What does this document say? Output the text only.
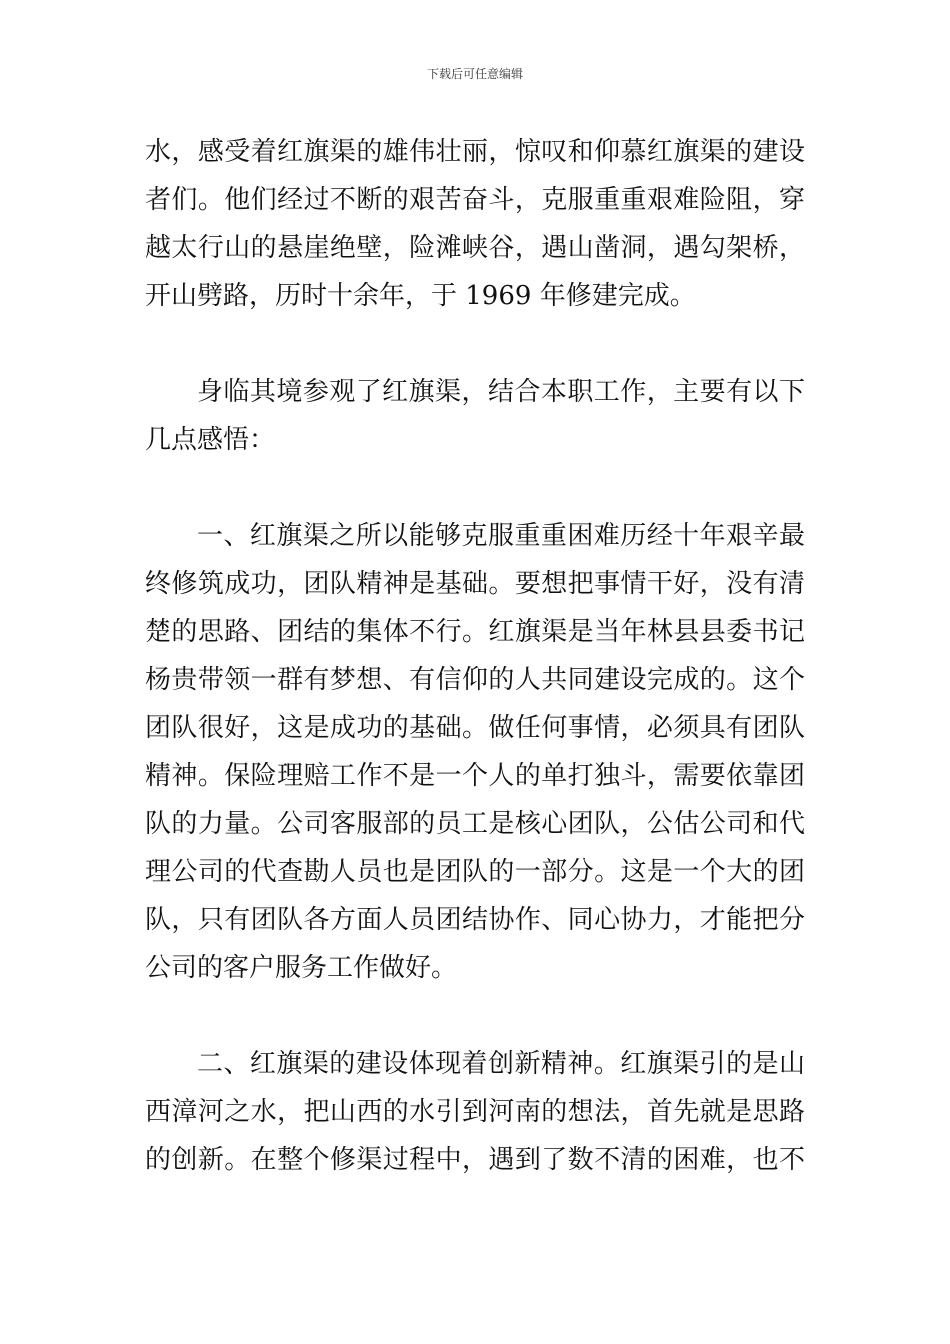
下载后可任意编辑
水，感受着红旗渠的雄伟壮丽，惊叹和仰慕红旗渠的建设
者们。他们经过不断的艰苦奋斗，克服重重艰难险阻，穿
越太行山的悬崖绝壁，险滩峡谷，遇山凿洞，遇勾架桥，
开山劈路，历时十余年，于 1969 年修建完成。
身临其境参观了红旗渠，结合本职工作，主要有以下
几点感悟：
一、红旗渠之所以能够克服重重困难历经十年艰辛最
终修筑成功，团队精神是基础。要想把事情干好，没有清
楚的思路、团结的集体不行。红旗渠是当年林县县委书记
杨贵带领一群有梦想、有信仰的人共同建设完成的。这个
团队很好，这是成功的基础。做任何事情，必须具有团队
精神。保险理赔工作不是一个人的单打独斗，需要依靠团
队的力量。公司客服部的员工是核心团队，公估公司和代
理公司的代查勘人员也是团队的一部分。这是一个大的团
队，只有团队各方面人员团结协作、同心协力，才能把分
公司的客户服务工作做好。
二、红旗渠的建设体现着创新精神。红旗渠引的是山
西漳河之水，把山西的水引到河南的想法，首先就是思路
的创新。在整个修渠过程中，遇到了数不清的困难，也不
